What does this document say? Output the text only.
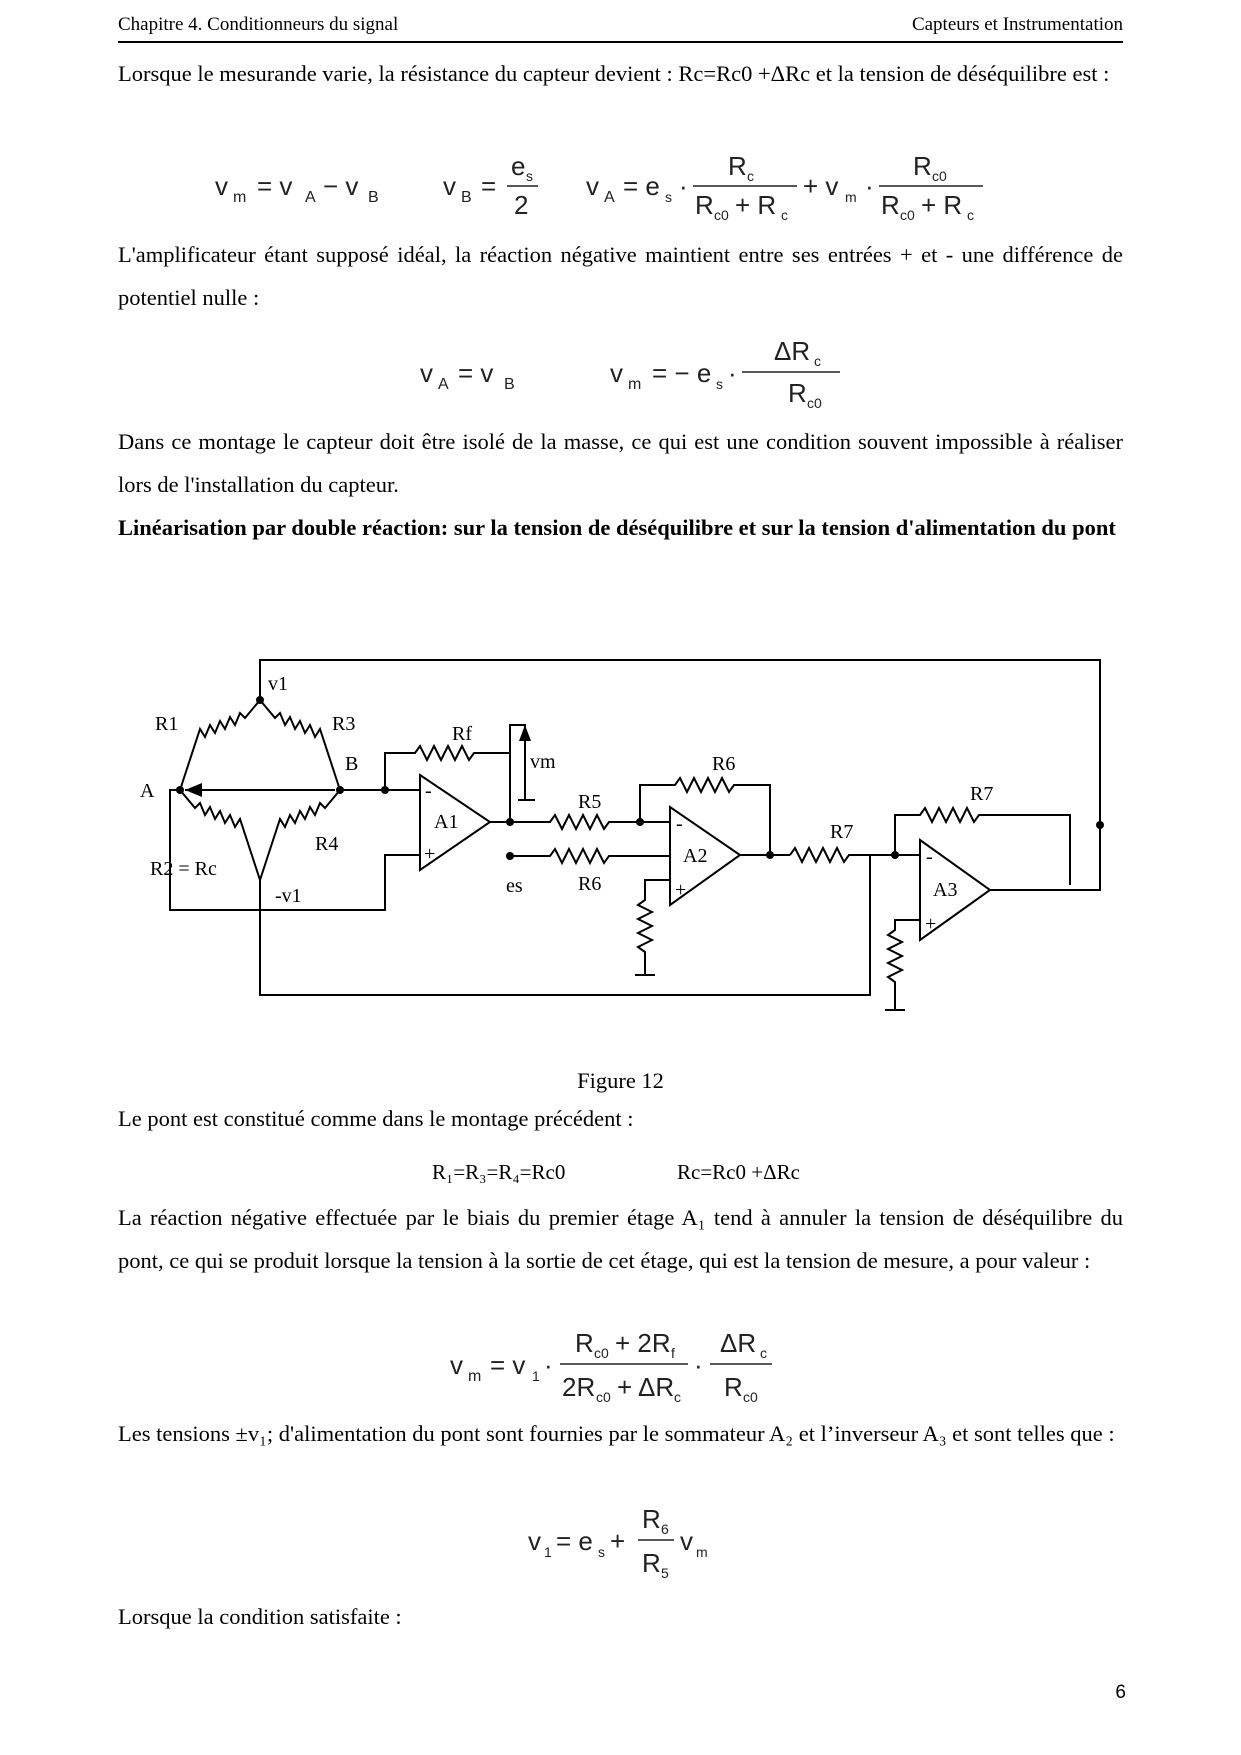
Chapitre 4. Conditionneurs du signal	Capteurs et Instrumentation

Lorsque le mesurande varie, la résistance du capteur devient : Rc=Rc0 +ΔRc et la tension de déséquilibre est :

v m = v A − v B v B =
e s
2
v A = e s ·
R c
R c0 + R c
+ v m ·
R c0
R c0 + R c

L'amplificateur étant supposé idéal, la réaction négative maintient entre ses entrées + et - une différence de potentiel nulle :

v A = v B	v m = − e s ·
ΔR c
R c0

Dans ce montage le capteur doit être isolé de la masse, ce qui est une condition souvent impossible à réaliser lors de l'installation du capteur.

Linéarisation par double réaction: sur la tension de déséquilibre et sur la tension d'alimentation du pont

A1
-
+	A2
-
+	A3
-
+
v1
R1	R3
B
A
R2 = Rc
R4
-v1
Rf
vm
R5
es	R6
R6
R7
R7
Figure 12

Le pont est constitué comme dans le montage précédent :

R₁=R₃=R₄=Rc0	Rc=Rc0 +ΔRc

La réaction négative effectuée par le biais du premier étage A₁ tend à annuler la tension de déséquilibre du pont, ce qui se produit lorsque la tension à la sortie de cet étage, qui est la tension de mesure, a pour valeur :

v m = v 1 ·
R c0 + 2R f
2R c0 + ΔR c
·
ΔR c
R c0

Les tensions ±v₁; d'alimentation du pont sont fournies par le sommateur A₂ et l’inverseur A₃ et sont telles que :

v 1 = e s +
R 6
R 5
v m

Lorsque la condition satisfaite :

6
